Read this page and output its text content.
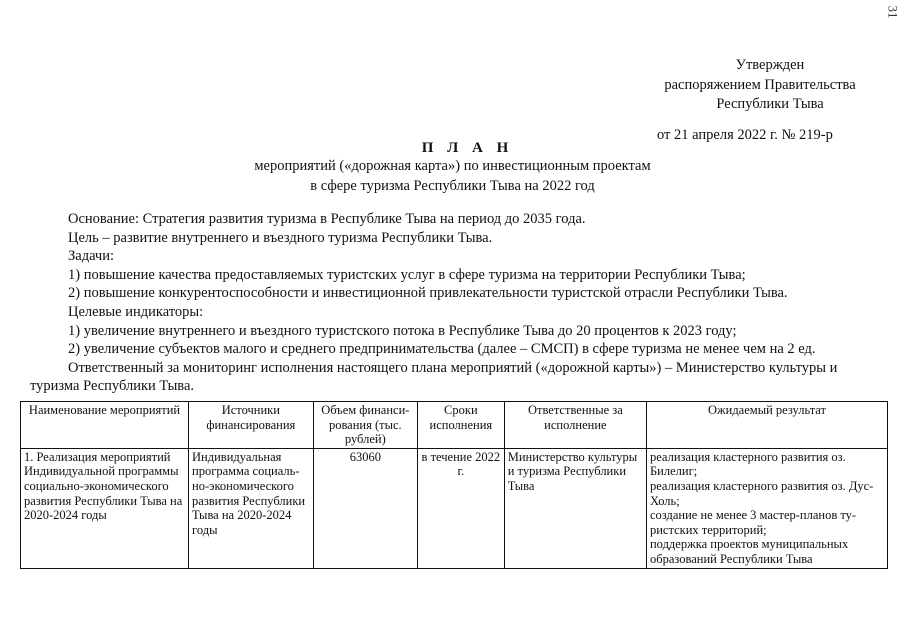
31
Утвержден
распоряжением Правительства
Республики Тыва
от 21 апреля 2022 г. № 219-р
П Л А Н
мероприятий («дорожная карта») по инвестиционным проектам
в сфере туризма Республики Тыва на 2022 год
Основание: Стратегия развития туризма в Республике Тыва на период до 2035 года.
Цель – развитие внутреннего и въездного туризма Республики Тыва.
Задачи:
1) повышение качества предоставляемых туристских услуг в сфере туризма на территории Республики Тыва;
2) повышение конкурентоспособности и инвестиционной привлекательности туристской отрасли Республики Тыва.
Целевые индикаторы:
1) увеличение внутреннего и въездного туристского потока в Республике Тыва до 20 процентов к 2023 году;
2) увеличение субъектов малого и среднего предпринимательства (далее – СМСП) в сфере туризма не менее чем на 2 ед.
Ответственный за мониторинг исполнения настоящего плана мероприятий («дорожной карты») – Министерство культуры и
туризма Республики Тыва.
Наименование мероприятий	Источники финансирования	Объем финанси-рования (тыс. рублей)	Сроки исполнения	Ответственные за исполнение	Ожидаемый результат
1. Реализация мероприятий Индивидуальной программы социально-экономического развития Республики Тыва на 2020-2024 годы	Индивидуальная программа социаль-но-экономического развития Республики Тыва на 2020-2024 годы	63060	в течение 2022 г.	Министерство культуры и туризма Республики Тыва	реализация кластерного развития оз. Билелиг;
реализация кластерного развития оз. Дус-Холь;
создание не менее 3 мастер-планов ту-ристских территорий;
поддержка проектов муниципальных образований Республики Тыва
